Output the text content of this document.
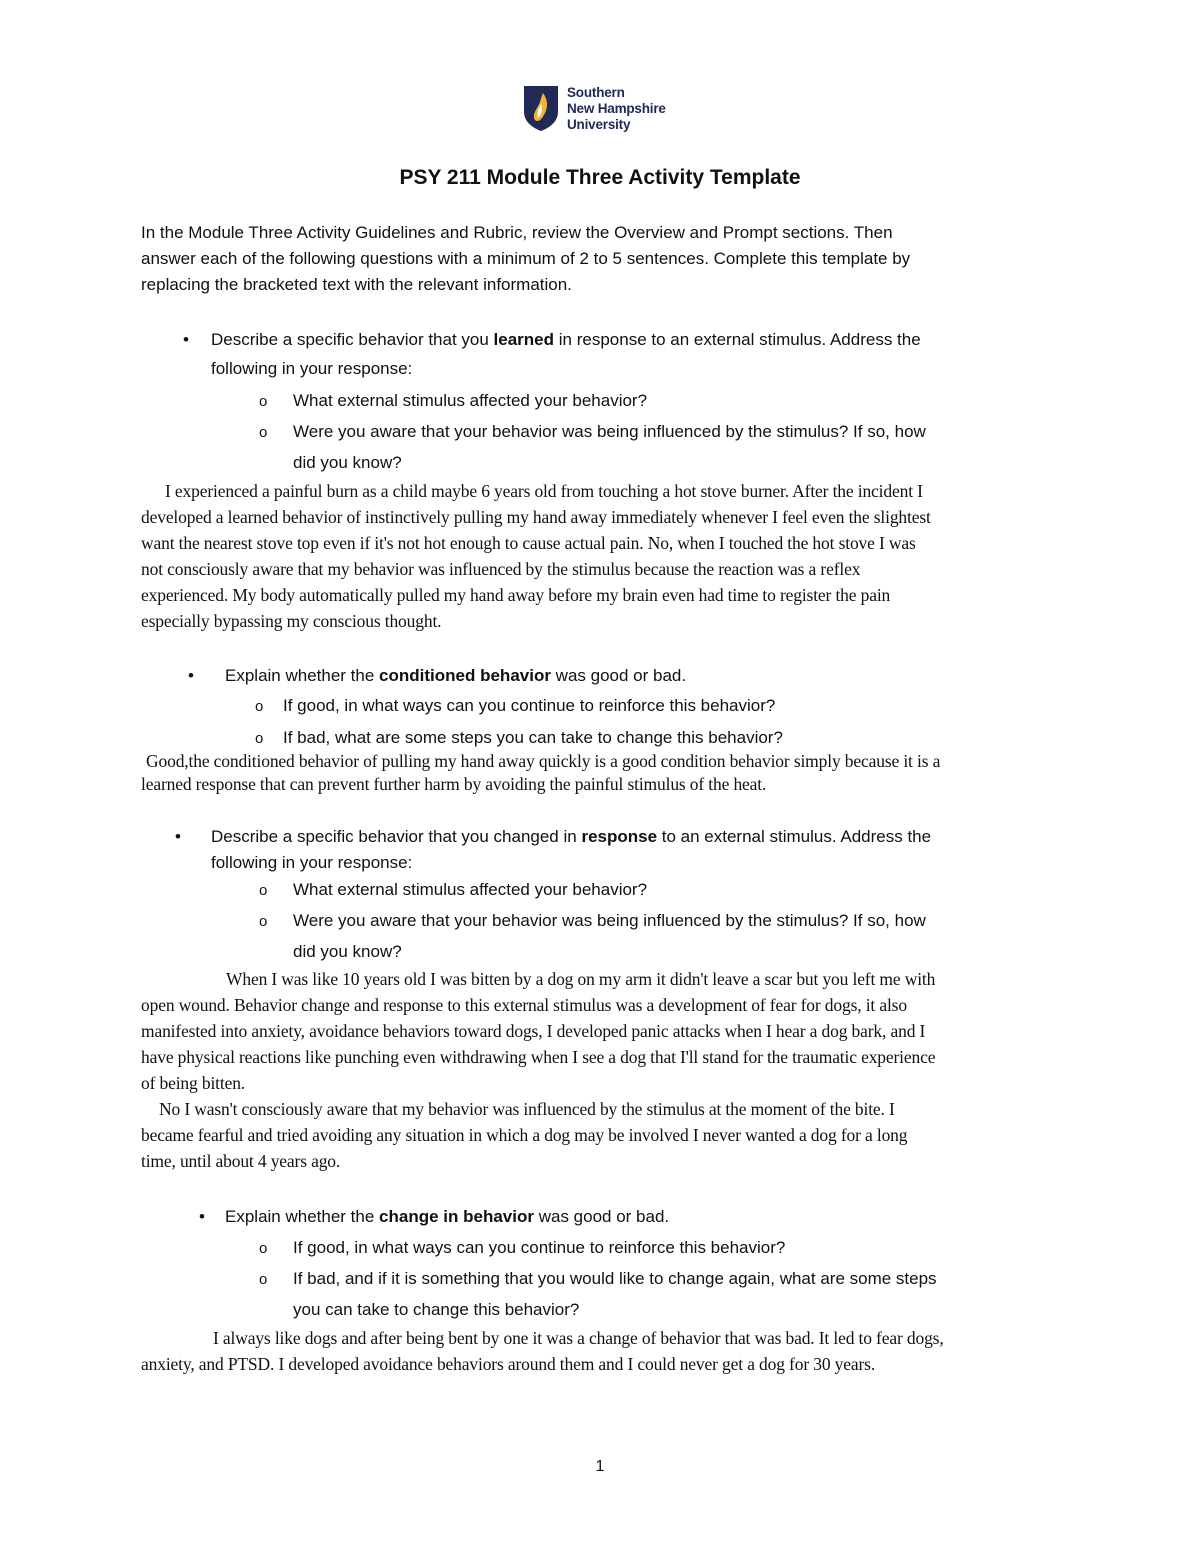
Southern
New Hampshire
University
PSY 211 Module Three Activity Template
In the Module Three Activity Guidelines and Rubric, review the Overview and Prompt sections. Then
answer each of the following questions with a minimum of 2 to 5 sentences. Complete this template by
replacing the bracketed text with the relevant information.
• Describe a specific behavior that you learned in response to an external stimulus. Address the
following in your response:
o What external stimulus affected your behavior?
o Were you aware that your behavior was being influenced by the stimulus? If so, how
did you know?
I experienced a painful burn as a child maybe 6 years old from touching a hot stove burner. After the incident I
developed a learned behavior of instinctively pulling my hand away immediately whenever I feel even the slightest
want the nearest stove top even if it's not hot enough to cause actual pain. No, when I touched the hot stove I was
not consciously aware that my behavior was influenced by the stimulus because the reaction was a reflex
experienced. My body automatically pulled my hand away before my brain even had time to register the pain
especially bypassing my conscious thought.
• Explain whether the conditioned behavior was good or bad.
o If good, in what ways can you continue to reinforce this behavior?
o If bad, what are some steps you can take to change this behavior?
Good,the conditioned behavior of pulling my hand away quickly is a good condition behavior simply because it is a
learned response that can prevent further harm by avoiding the painful stimulus of the heat.
• Describe a specific behavior that you changed in response to an external stimulus. Address the
following in your response:
o What external stimulus affected your behavior?
o Were you aware that your behavior was being influenced by the stimulus? If so, how
did you know?
When I was like 10 years old I was bitten by a dog on my arm it didn't leave a scar but you left me with
open wound. Behavior change and response to this external stimulus was a development of fear for dogs, it also
manifested into anxiety, avoidance behaviors toward dogs, I developed panic attacks when I hear a dog bark, and I
have physical reactions like punching even withdrawing when I see a dog that I'll stand for the traumatic experience
of being bitten.
No I wasn't consciously aware that my behavior was influenced by the stimulus at the moment of the bite. I
became fearful and tried avoiding any situation in which a dog may be involved I never wanted a dog for a long
time, until about 4 years ago.
• Explain whether the change in behavior was good or bad.
o If good, in what ways can you continue to reinforce this behavior?
o If bad, and if it is something that you would like to change again, what are some steps
you can take to change this behavior?
I always like dogs and after being bent by one it was a change of behavior that was bad. It led to fear dogs,
anxiety, and PTSD. I developed avoidance behaviors around them and I could never get a dog for 30 years.
1
